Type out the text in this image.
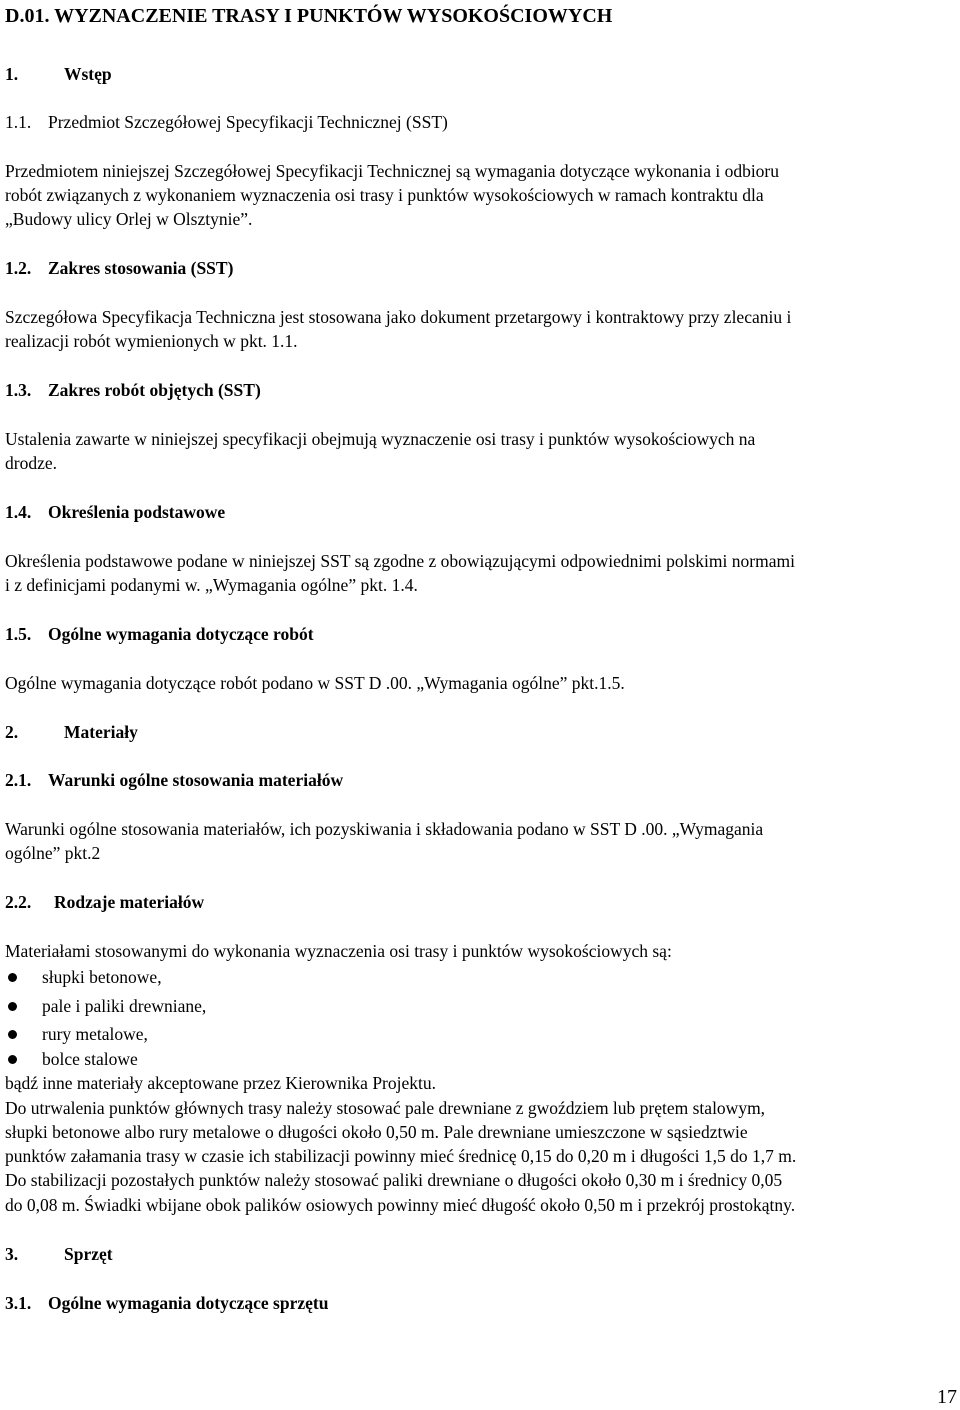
D.01. WYZNACZENIE TRASY I PUNKTÓW WYSOKOŚCIOWYCH
1.	Wstęp
1.1. Przedmiot Szczegółowej Specyfikacji Technicznej (SST)
Przedmiotem niniejszej Szczegółowej Specyfikacji Technicznej są wymagania dotyczące wykonania i odbioru
robót związanych z wykonaniem wyznaczenia osi trasy i punktów wysokościowych w ramach kontraktu dla
„Budowy ulicy Orlej w Olsztynie”.
1.2. Zakres stosowania (SST)
Szczegółowa Specyfikacja Techniczna jest stosowana jako dokument przetargowy i kontraktowy przy zlecaniu i
realizacji robót wymienionych w pkt. 1.1.
1.3. Zakres robót objętych (SST)
Ustalenia zawarte w niniejszej specyfikacji obejmują wyznaczenie osi trasy i punktów wysokościowych na
drodze.
1.4. Określenia podstawowe
Określenia podstawowe podane w niniejszej SST są zgodne z obowiązującymi odpowiednimi polskimi normami
i z definicjami podanymi w. „Wymagania ogólne” pkt. 1.4.
1.5. Ogólne wymagania dotyczące robót
Ogólne wymagania dotyczące robót podano w SST D .00. „Wymagania ogólne” pkt.1.5.
2.	Materiały
2.1. Warunki ogólne stosowania materiałów
Warunki ogólne stosowania materiałów, ich pozyskiwania i składowania podano w SST D .00. „Wymagania
ogólne” pkt.2
2.2. Rodzaje materiałów
Materiałami stosowanymi do wykonania wyznaczenia osi trasy i punktów wysokościowych są:
słupki betonowe,
pale i paliki drewniane,
rury metalowe,
bolce stalowe
bądź inne materiały akceptowane przez Kierownika Projektu.
Do utrwalenia punktów głównych trasy należy stosować pale drewniane z gwoździem lub prętem stalowym,
słupki betonowe albo rury metalowe o długości około 0,50 m. Pale drewniane umieszczone w sąsiedztwie
punktów załamania trasy w czasie ich stabilizacji powinny mieć średnicę 0,15 do 0,20 m i długości 1,5 do 1,7 m.
Do stabilizacji pozostałych punktów należy stosować paliki drewniane o długości około 0,30 m i średnicy 0,05
do 0,08 m. Świadki wbijane obok palików osiowych powinny mieć długość około 0,50 m i przekrój prostokątny.
3.	Sprzęt
3.1. Ogólne wymagania dotyczące sprzętu
17
